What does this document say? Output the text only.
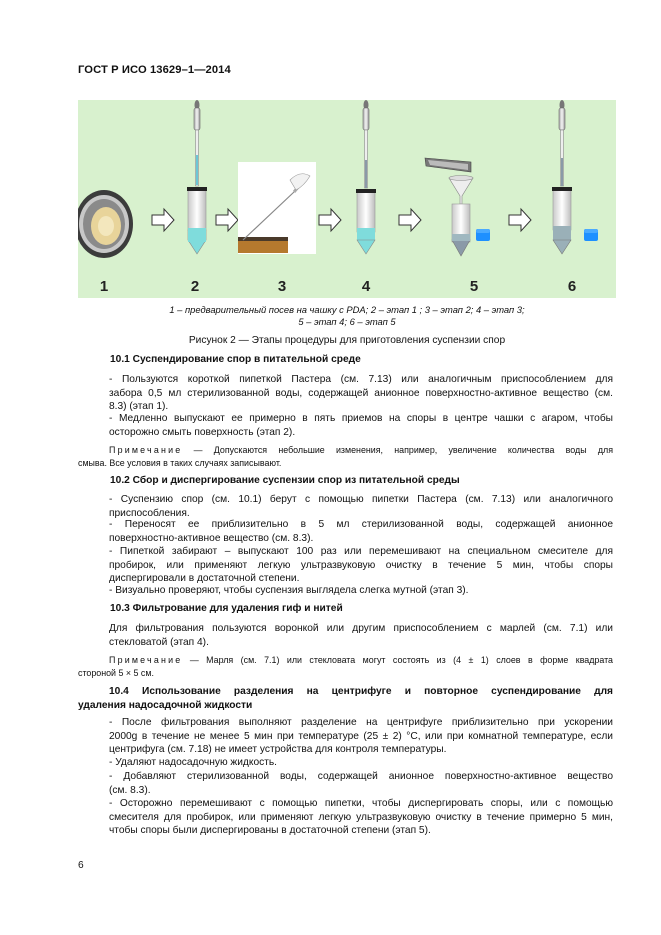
ГОСТ Р ИСО 13629–1—2014
1	2	3	4	5	6
1 – предварительный посев на чашку с PDA; 2 – этап 1 ; 3 – этап 2; 4 – этап 3;
5 – этап 4; 6 – этап 5
Рисунок 2 — Этапы процедуры для приготовления суспензии спор
10.1 Суспендирование спор в питательной среде
- Пользуются короткой пипеткой Пастера (см. 7.13) или аналогичным приспособлением для
забора 0,5 мл стерилизованной воды, содержащей анионное поверхностно-активное вещество (см.
8.3) (этап 1).
- Медленно выпускают ее примерно в пять приемов на споры в центре чашки с агаром, чтобы
осторожно смыть поверхность (этап 2).
Примечание — Допускаются небольшие изменения, например, увеличение количества воды для
смыва. Все условия в таких случаях записывают.
10.2 Сбор и диспергирование суспензии спор из питательной среды
- Суспензию спор (см. 10.1) берут с помощью пипетки Пастера (см. 7.13) или аналогичного
приспособления.
- Переносят ее приблизительно в 5 мл стерилизованной воды, содержащей анионное
поверхностно-активное вещество (см. 8.3).
- Пипеткой забирают – выпускают 100 раз или перемешивают на специальном смесителе для
пробирок, или применяют легкую ультразвуковую очистку в течение 5 мин, чтобы споры
диспергировали в достаточной степени.
- Визуально проверяют, чтобы суспензия выглядела слегка мутной (этап 3).
10.3 Фильтрование для удаления гиф и нитей
Для фильтрования пользуются воронкой или другим приспособлением с марлей (см. 7.1) или
стекловатой (этап 4).
Примечание — Марля (см. 7.1) или стекловата могут состоять из (4 ± 1) слоев в форме квадрата
стороной 5 × 5 см.
10.4 Использование разделения на центрифуге и повторное суспендирование для
удаления надосадочной жидкости
- После фильтрования выполняют разделение на центрифуге приблизительно при ускорении
2000g в течение не менее 5 мин при температуре (25 ± 2) °С, или при комнатной температуре, если
центрифуга (см. 7.18) не имеет устройства для контроля температуры.
- Удаляют надосадочную жидкость.
- Добавляют стерилизованной воды, содержащей анионное поверхностно-активное вещество
(см. 8.3).
- Осторожно перемешивают с помощью пипетки, чтобы диспергировать споры, или с помощью
смесителя для пробирок, или применяют легкую ультразвуковую очистку в течение примерно 5 мин,
чтобы споры были диспергированы в достаточной степени (этап 5).
6
